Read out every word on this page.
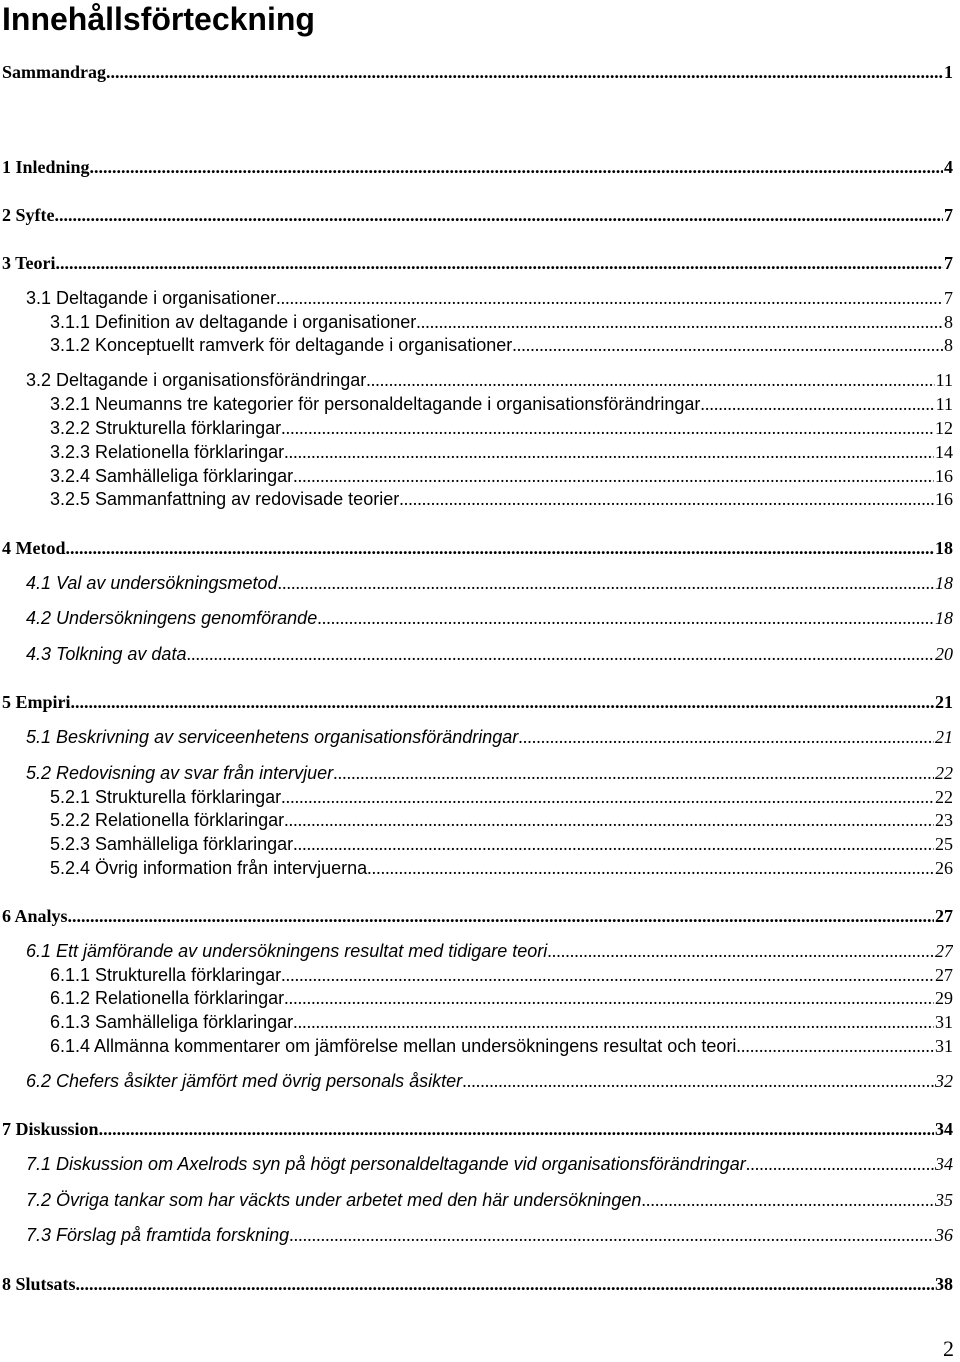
Innehållsförteckning
Sammandrag .....	1
1 Inledning .....	4
2 Syfte .....	7
3 Teori .....	7
3.1 Deltagande i organisationer .....	7
3.1.1 Definition av deltagande i organisationer .....	8
3.1.2 Konceptuellt ramverk för deltagande i organisationer .....	8
3.2 Deltagande i organisationsförändringar .....	11
3.2.1 Neumanns tre kategorier för personaldeltagande i organisationsförändringar .....	11
3.2.2 Strukturella förklaringar .....	12
3.2.3 Relationella förklaringar .....	14
3.2.4 Samhälleliga förklaringar .....	16
3.2.5 Sammanfattning av redovisade teorier .....	16
4 Metod .....	18
4.1 Val av undersökningsmetod .....	18
4.2 Undersökningens genomförande .....	18
4.3 Tolkning av data .....	20
5 Empiri .....	21
5.1 Beskrivning av serviceenhetens organisationsförändringar .....	21
5.2 Redovisning av svar från intervjuer .....	22
5.2.1 Strukturella förklaringar .....	22
5.2.2 Relationella förklaringar .....	23
5.2.3 Samhälleliga förklaringar .....	25
5.2.4 Övrig information från intervjuerna .....	26
6 Analys .....	27
6.1 Ett jämförande av undersökningens resultat med tidigare teori .....	27
6.1.1 Strukturella förklaringar .....	27
6.1.2 Relationella förklaringar .....	29
6.1.3 Samhälleliga förklaringar .....	31
6.1.4 Allmänna kommentarer om jämförelse mellan undersökningens resultat och teori .....	31
6.2 Chefers åsikter jämfört med övrig personals åsikter .....	32
7 Diskussion .....	34
7.1 Diskussion om Axelrods syn på högt personaldeltagande vid organisationsförändringar .....	34
7.2 Övriga tankar som har väckts under arbetet med den här undersökningen .....	35
7.3 Förslag på framtida forskning .....	36
8 Slutsats .....	38
2
